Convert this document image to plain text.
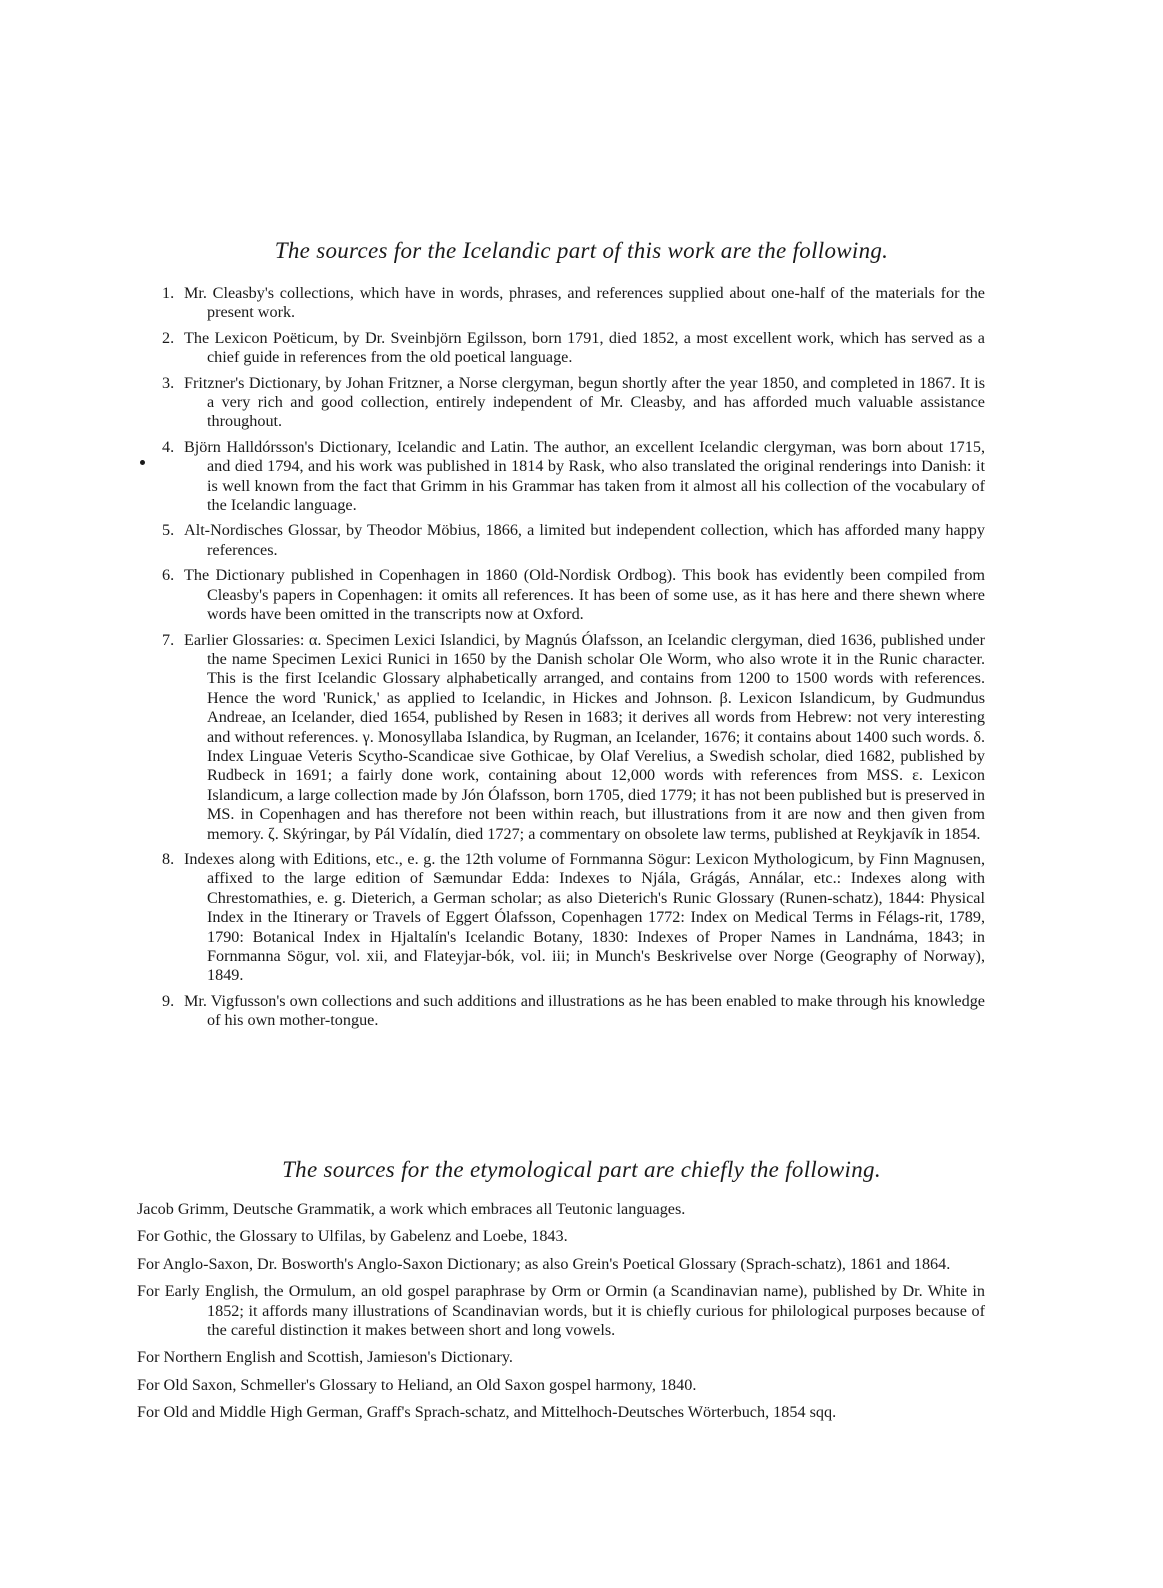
The sources for the Icelandic part of this work are the following.
1. Mr. Cleasby's collections, which have in words, phrases, and references supplied about one-half of the materials for the present work.
2. The Lexicon Poëticum, by Dr. Sveinbjörn Egilsson, born 1791, died 1852, a most excellent work, which has served as a chief guide in references from the old poetical language.
3. Fritzner's Dictionary, by Johan Fritzner, a Norse clergyman, begun shortly after the year 1850, and completed in 1867. It is a very rich and good collection, entirely independent of Mr. Cleasby, and has afforded much valuable assistance throughout.
4. Björn Halldórsson's Dictionary, Icelandic and Latin. The author, an excellent Icelandic clergyman, was born about 1715, and died 1794, and his work was published in 1814 by Rask, who also translated the original renderings into Danish: it is well known from the fact that Grimm in his Grammar has taken from it almost all his collection of the vocabulary of the Icelandic language.
5. Alt-Nordisches Glossar, by Theodor Möbius, 1866, a limited but independent collection, which has afforded many happy references.
6. The Dictionary published in Copenhagen in 1860 (Old-Nordisk Ordbog). This book has evidently been compiled from Cleasby's papers in Copenhagen: it omits all references. It has been of some use, as it has here and there shewn where words have been omitted in the transcripts now at Oxford.
7. Earlier Glossaries: α. Specimen Lexici Islandici, by Magnús Ólafsson, an Icelandic clergyman, died 1636, published under the name Specimen Lexici Runici in 1650 by the Danish scholar Ole Worm, who also wrote it in the Runic character. This is the first Icelandic Glossary alphabetically arranged, and contains from 1200 to 1500 words with references. Hence the word 'Runick,' as applied to Icelandic, in Hickes and Johnson. β. Lexicon Islandicum, by Gudmundus Andreae, an Icelander, died 1654, published by Resen in 1683; it derives all words from Hebrew: not very interesting and without references. γ. Monosyllaba Islandica, by Rugman, an Icelander, 1676; it contains about 1400 such words. δ. Index Linguae Veteris Scytho-Scandicae sive Gothicae, by Olaf Verelius, a Swedish scholar, died 1682, published by Rudbeck in 1691; a fairly done work, containing about 12,000 words with references from MSS. ε. Lexicon Islandicum, a large collection made by Jón Ólafsson, born 1705, died 1779; it has not been published but is preserved in MS. in Copenhagen and has therefore not been within reach, but illustrations from it are now and then given from memory. ζ. Skýringar, by Pál Vídalín, died 1727; a commentary on obsolete law terms, published at Reykjavík in 1854.
8. Indexes along with Editions, etc., e. g. the 12th volume of Fornmanna Sögur: Lexicon Mythologicum, by Finn Magnusen, affixed to the large edition of Sæmundar Edda: Indexes to Njála, Grágás, Annálar, etc.: Indexes along with Chrestomathies, e. g. Dieterich, a German scholar; as also Dieterich's Runic Glossary (Runen-schatz), 1844: Physical Index in the Itinerary or Travels of Eggert Ólafsson, Copenhagen 1772: Index on Medical Terms in Félags-rit, 1789, 1790: Botanical Index in Hjaltalín's Icelandic Botany, 1830: Indexes of Proper Names in Landnáma, 1843; in Fornmanna Sögur, vol. xii, and Flateyjar-bók, vol. iii; in Munch's Beskrivelse over Norge (Geography of Norway), 1849.
9. Mr. Vigfusson's own collections and such additions and illustrations as he has been enabled to make through his knowledge of his own mother-tongue.
The sources for the etymological part are chiefly the following.
Jacob Grimm, Deutsche Grammatik, a work which embraces all Teutonic languages.
For Gothic, the Glossary to Ulfilas, by Gabelenz and Loebe, 1843.
For Anglo-Saxon, Dr. Bosworth's Anglo-Saxon Dictionary; as also Grein's Poetical Glossary (Sprach-schatz), 1861 and 1864.
For Early English, the Ormulum, an old gospel paraphrase by Orm or Ormin (a Scandinavian name), published by Dr. White in 1852; it affords many illustrations of Scandinavian words, but it is chiefly curious for philological purposes because of the careful distinction it makes between short and long vowels.
For Northern English and Scottish, Jamieson's Dictionary.
For Old Saxon, Schmeller's Glossary to Heliand, an Old Saxon gospel harmony, 1840.
For Old and Middle High German, Graff's Sprach-schatz, and Mittelhoch-Deutsches Wörterbuch, 1854 sqq.
